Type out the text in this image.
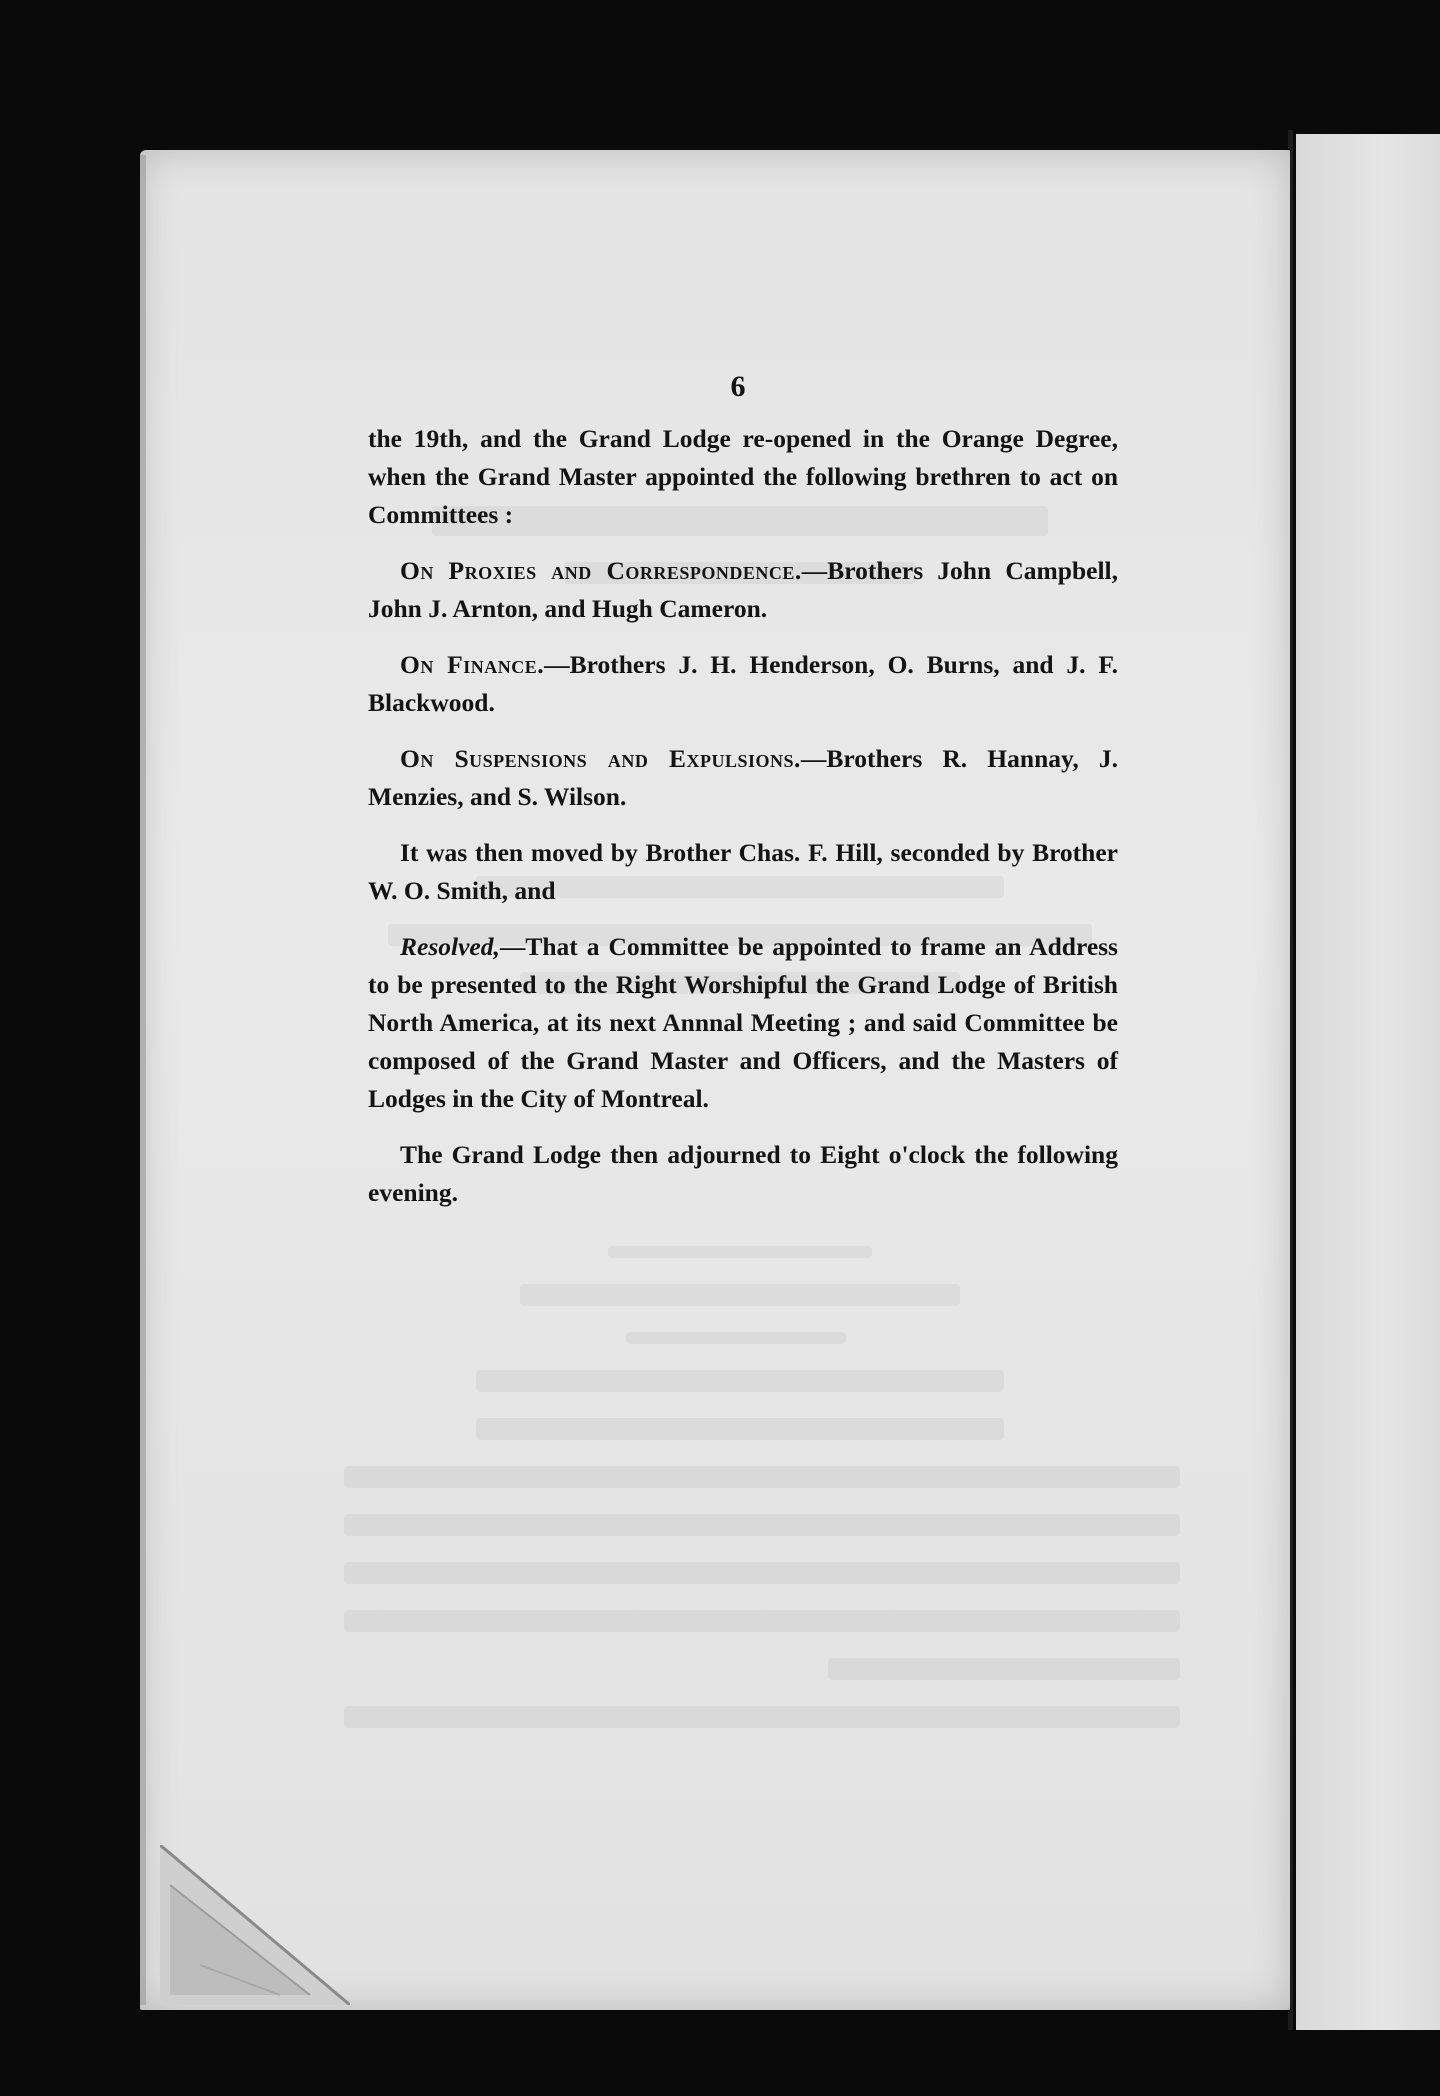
6

the 19th, and the Grand Lodge re-opened in the Orange Degree, when the Grand Master appointed the following brethren to act on Committees :

On Proxies and Correspondence.—Brothers John Campbell, John J. Arnton, and Hugh Cameron.

On Finance.—Brothers J. H. Henderson, O. Burns, and J. F. Blackwood.

On Suspensions and Expulsions.—Brothers R. Hannay, J. Menzies, and S. Wilson.

It was then moved by Brother Chas. F. Hill, seconded by Brother W. O. Smith, and

Resolved,—That a Committee be appointed to frame an Address to be presented to the Right Worshipful the Grand Lodge of British North America, at its next Annnal Meeting ; and said Committee be composed of the Grand Master and Officers, and the Masters of Lodges in the City of Montreal.

The Grand Lodge then adjourned to Eight o'clock the following evening.
